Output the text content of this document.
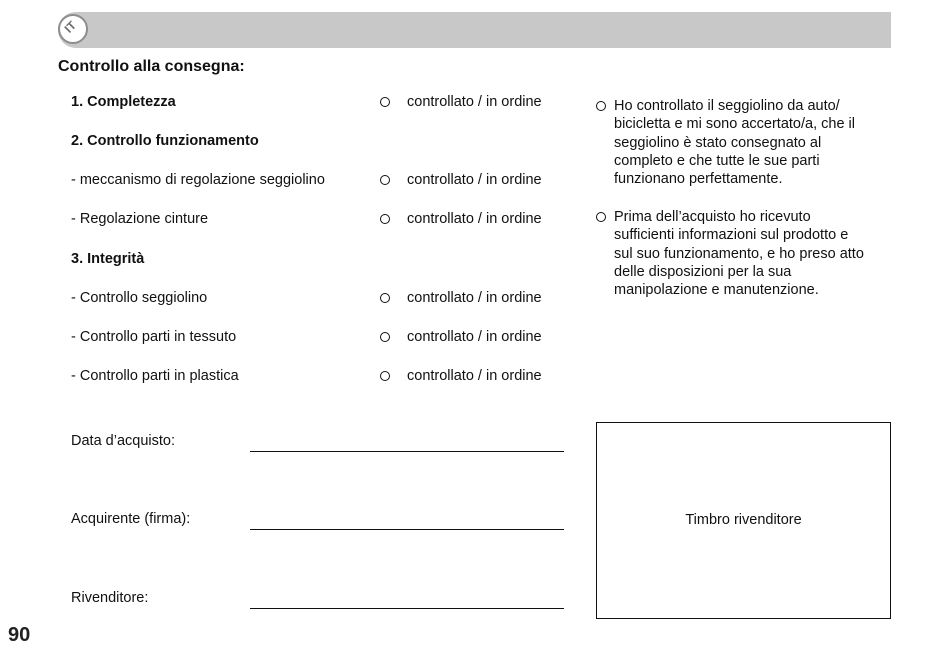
IT
Controllo alla consegna:
1. Completezza	controllato / in ordine
2. Controllo funzionamento
- meccanismo di regolazione seggiolino	controllato / in ordine
- Regolazione cinture	controllato / in ordine
3. Integrità
- Controllo seggiolino	controllato / in ordine
- Controllo parti in tessuto	controllato / in ordine
- Controllo parti in plastica	controllato / in ordine
Ho controllato il seggiolino da auto/
bicicletta e mi sono accertato/a, che il
seggiolino è stato consegnato al
completo e che tutte le sue parti
funzionano perfettamente.
Prima dell’acquisto ho ricevuto
sufficienti informazioni sul prodotto e
sul suo funzionamento, e ho preso atto
delle disposizioni per la sua
manipolazione e manutenzione.
Data d’acquisto:
Acquirente (firma):
Rivenditore:
Timbro rivenditore
90
